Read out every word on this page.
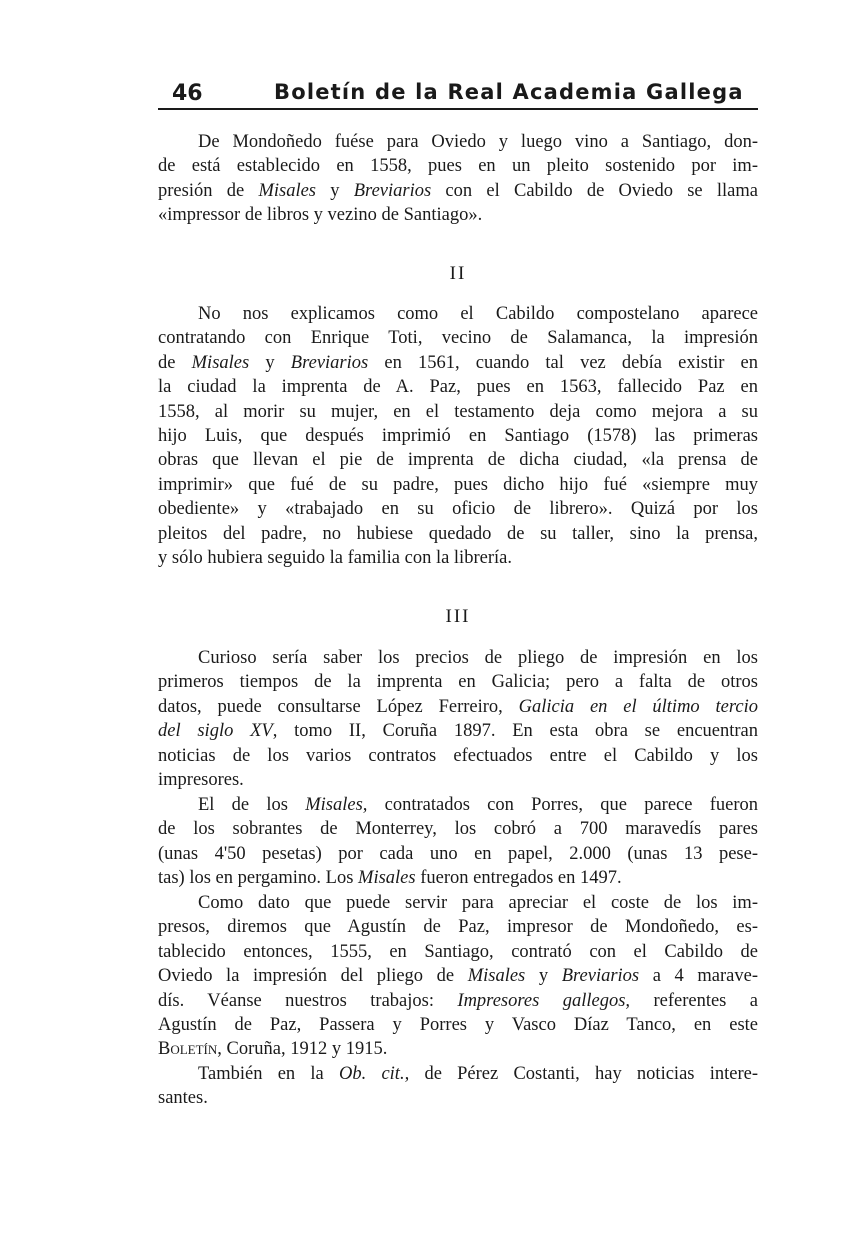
46	Boletín de la Real Academia Gallega
De Mondoñedo fuése para Oviedo y luego vino a Santiago, don-
de está establecido en 1558, pues en un pleito sostenido por im-
presión de Misales y Breviarios con el Cabildo de Oviedo se llama
«impressor de libros y vezino de Santiago».
II
No nos explicamos como el Cabildo compostelano aparece
contratando con Enrique Toti, vecino de Salamanca, la impresión
de Misales y Breviarios en 1561, cuando tal vez debía existir en
la ciudad la imprenta de A. Paz, pues en 1563, fallecido Paz en
1558, al morir su mujer, en el testamento deja como mejora a su
hijo Luis, que después imprimió en Santiago (1578) las primeras
obras que llevan el pie de imprenta de dicha ciudad, «la prensa de
imprimir» que fué de su padre, pues dicho hijo fué «siempre muy
obediente» y «trabajado en su oficio de librero». Quizá por los
pleitos del padre, no hubiese quedado de su taller, sino la prensa,
y sólo hubiera seguido la familia con la librería.
III
Curioso sería saber los precios de pliego de impresión en los
primeros tiempos de la imprenta en Galicia; pero a falta de otros
datos, puede consultarse López Ferreiro, Galicia en el último tercio
del siglo XV, tomo II, Coruña 1897. En esta obra se encuentran
noticias de los varios contratos efectuados entre el Cabildo y los
impresores.
El de los Misales, contratados con Porres, que parece fueron
de los sobrantes de Monterrey, los cobró a 700 maravedís pares
(unas 4'50 pesetas) por cada uno en papel, 2.000 (unas 13 pese-
tas) los en pergamino. Los Misales fueron entregados en 1497.
Como dato que puede servir para apreciar el coste de los im-
presos, diremos que Agustín de Paz, impresor de Mondoñedo, es-
tablecido entonces, 1555, en Santiago, contrató con el Cabildo de
Oviedo la impresión del pliego de Misales y Breviarios a 4 marave-
dís. Véanse nuestros trabajos: Impresores gallegos, referentes a
Agustín de Paz, Passera y Porres y Vasco Díaz Tanco, en este
Boletín, Coruña, 1912 y 1915.
También en la Ob. cit., de Pérez Costanti, hay noticias intere-
santes.
